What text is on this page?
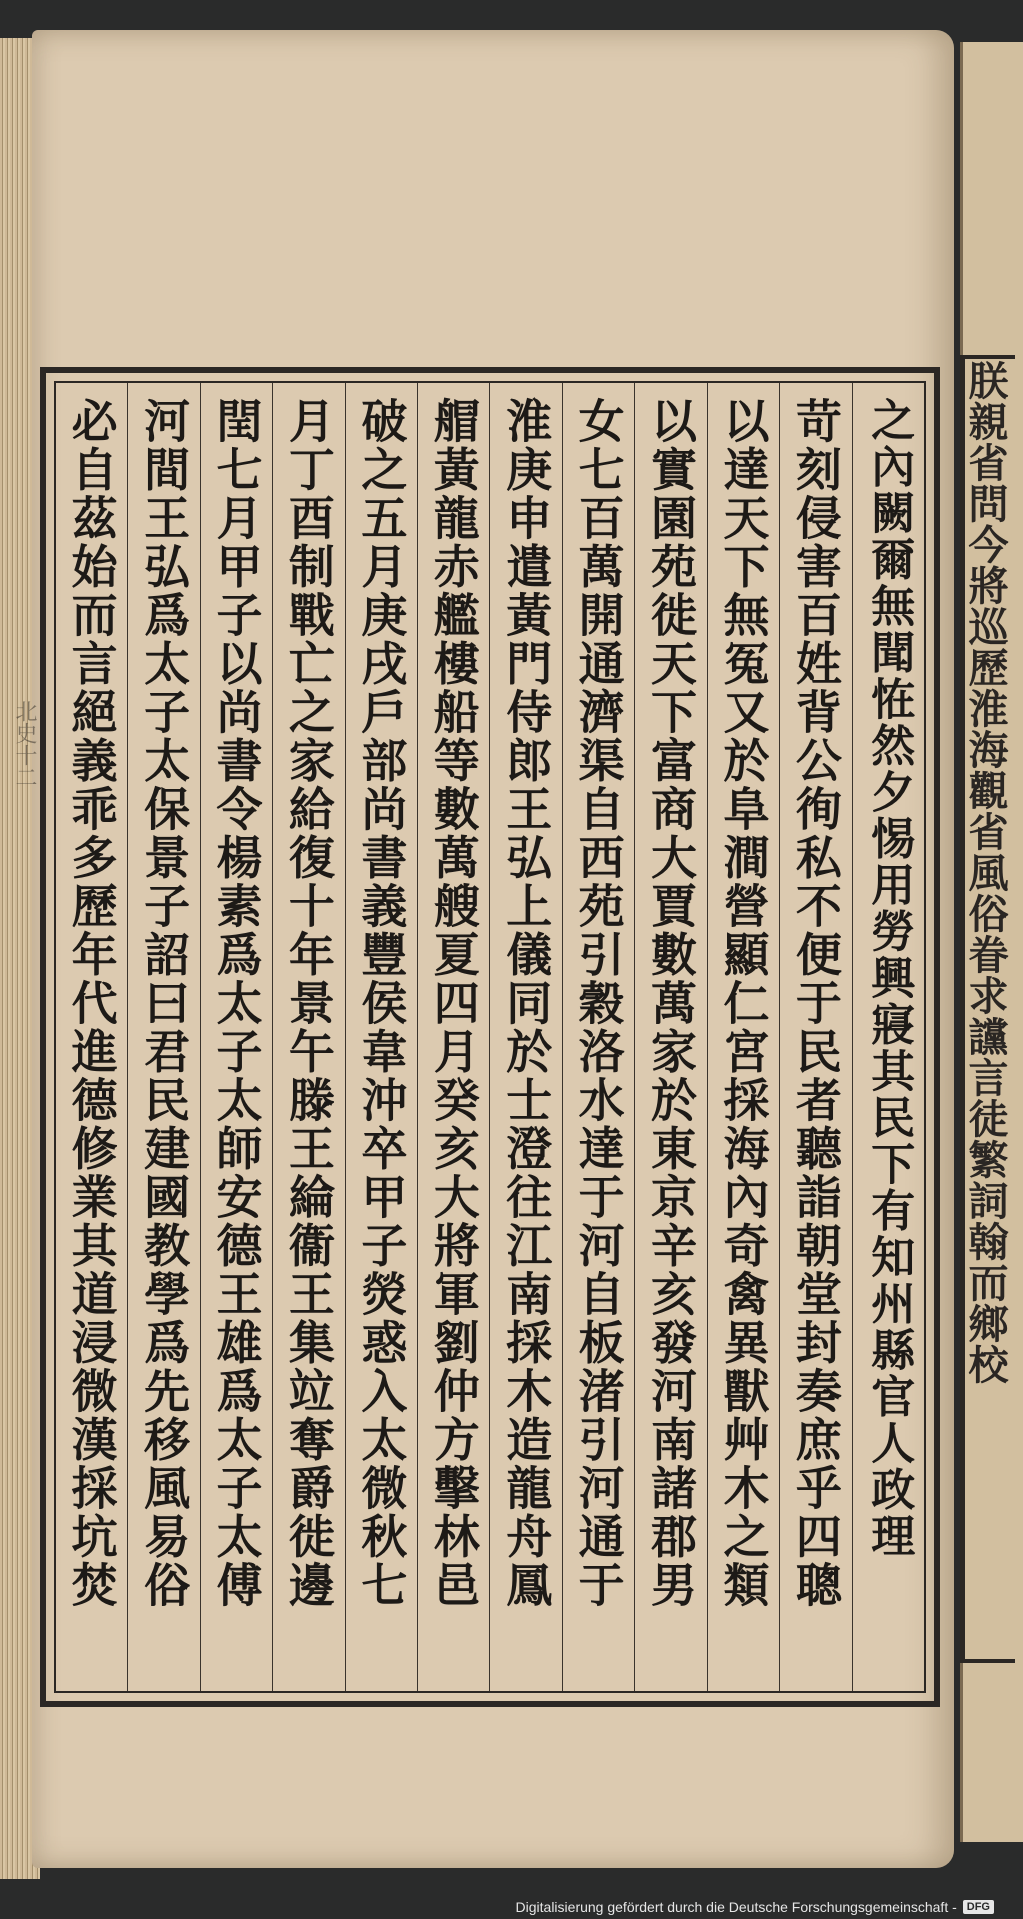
北史十二	之內闕爾無聞恠然夕惕用勞興寢其民下有知州縣官人政理
苛刻侵害百姓背公徇私不便于民者聽詣朝堂封奏庶乎四聰
以達天下無冤又於阜澗營顯仁宮採海內奇禽異獸艸木之類
以實園苑徙天下富商大賈數萬家於東京辛亥發河南諸郡男
女七百萬開通濟渠自西苑引穀洛水達于河自板渚引河通于
淮庚申遣黃門侍郎王弘上儀同於士澄往江南採木造龍舟鳳
艒黃龍赤艦樓船等數萬艘夏四月癸亥大將軍劉仲方擊林邑
破之五月庚戌戶部尚書義豐侯韋沖卒甲子熒惑入太微秋七
月丁酉制戰亡之家給復十年景午滕王綸衞王集竝奪爵徙邊
閏七月甲子以尚書令楊素爲太子太師安德王雄爲太子太傅
河間王弘爲太子太保景子詔曰君民建國教學爲先移風易俗
必自茲始而言絕義乖多歷年代進德修業其道浸微漢採坑焚	朕親省問今將巡歷淮海觀省風俗眷求讜言徒繁詞翰而鄉校
Digitalisierung gefördert durch die Deutsche Forschungsgemeinschaft - DFG
